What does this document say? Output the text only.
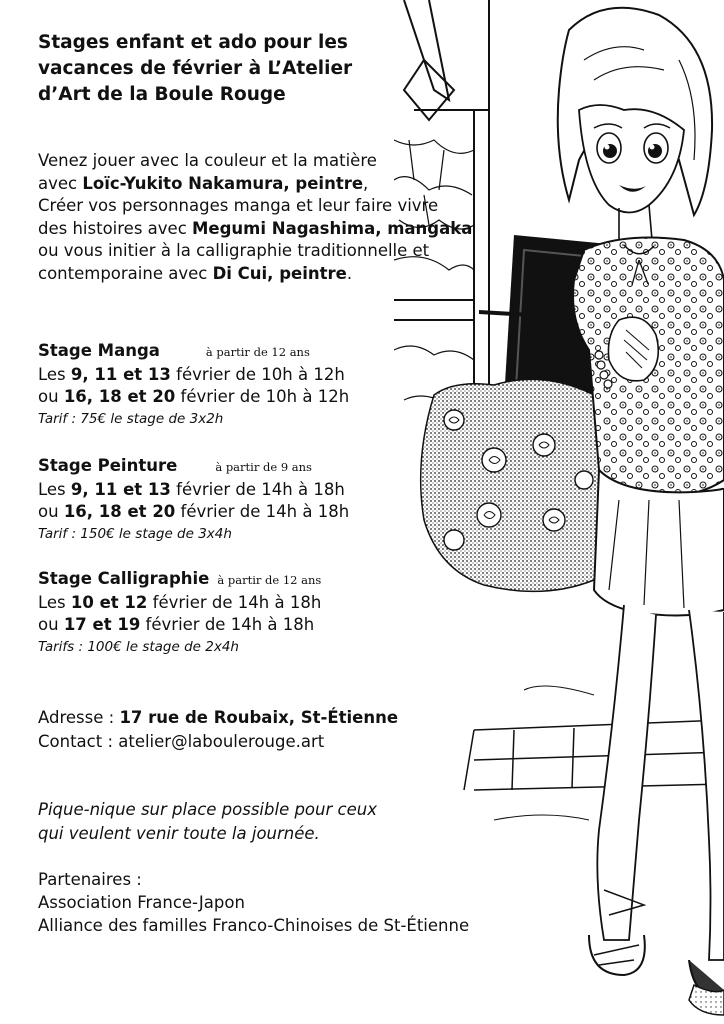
Stages enfant et ado pour les
vacances de février à L’Atelier
d’Art de la Boule Rouge
Venez jouer avec la couleur et la matière
avec Loïc-Yukito Nakamura, peintre,
Créer vos personnages manga et leur faire vivre
des histoires avec Megumi Nagashima, mangaka
ou vous initier à la calligraphie traditionnelle et
contemporaine avec Di Cui, peintre.
Stage Manga	à partir de 12 ans
Les 9, 11 et 13 février de 10h à 12h
ou 16, 18 et 20 février de 10h à 12h
Tarif : 75€ le stage de 3x2h
Stage Peinture	à partir de 9 ans
Les 9, 11 et 13 février de 14h à 18h
ou 16, 18 et 20 février de 14h à 18h
Tarif : 150€ le stage de 3x4h
Stage Calligraphie à partir de 12 ans
Les 10 et 12 février de 14h à 18h
ou 17 et 19 février de 14h à 18h
Tarifs : 100€ le stage de 2x4h
Adresse : 17 rue de Roubaix, St-Étienne
Contact : atelier@laboulerouge.art
Pique-nique sur place possible pour ceux
qui veulent venir toute la journée.
Partenaires :
Association France-Japon
Alliance des familles Franco-Chinoises de St-Étienne
